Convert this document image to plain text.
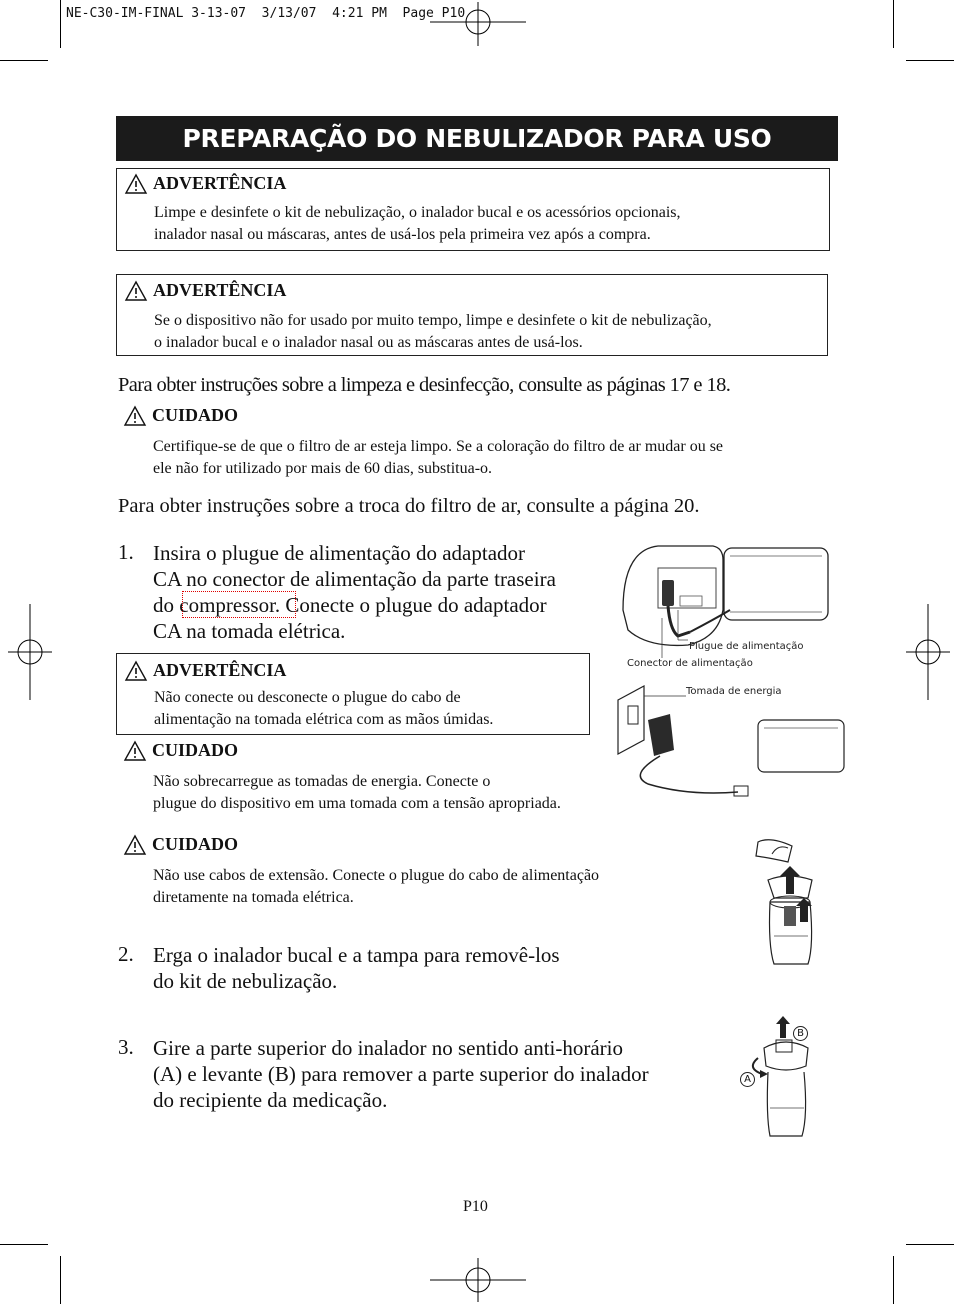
NE-C30-IM-FINAL 3-13-07  3/13/07  4:21 PM  Page P10
PREPARAÇÃO DO NEBULIZADOR PARA USO
ADVERTÊNCIA
Limpe e desinfete o kit de nebulização, o inalador bucal e os acessórios opcionais,
inalador nasal ou máscaras, antes de usá-los pela primeira vez após a compra.
ADVERTÊNCIA
Se o dispositivo não for usado por muito tempo, limpe e desinfete o kit de nebulização,
o inalador bucal e o inalador nasal ou as máscaras antes de usá-los.
Para obter instruções sobre a limpeza e desinfecção, consulte as páginas 17 e 18.
CUIDADO
Certifique-se de que o filtro de ar esteja limpo. Se a coloração do filtro de ar mudar ou se
ele não for utilizado por mais de 60 dias, substitua-o.
Para obter instruções sobre a troca do filtro de ar, consulte a página 20.
1. Insira o plugue de alimentação do adaptador
CA no conector de alimentação da parte traseira
do compressor. Conecte o plugue do adaptador
CA na tomada elétrica.
Plugue de alimentação
Conector de alimentação
Tomada de energia
ADVERTÊNCIA
Não conecte ou desconecte o plugue do cabo de
alimentação na tomada elétrica com as mãos úmidas.
CUIDADO
Não sobrecarregue as tomadas de energia. Conecte o
plugue do dispositivo em uma tomada com a tensão apropriada.
CUIDADO
Não use cabos de extensão. Conecte o plugue do cabo de alimentação
diretamente na tomada elétrica.
2. Erga o inalador bucal e a tampa para removê-los
do kit de nebulização.
3. Gire a parte superior do inalador no sentido anti-horário
(A) e levante (B) para remover a parte superior do inalador
do recipiente da medicação.
B
A
P10
